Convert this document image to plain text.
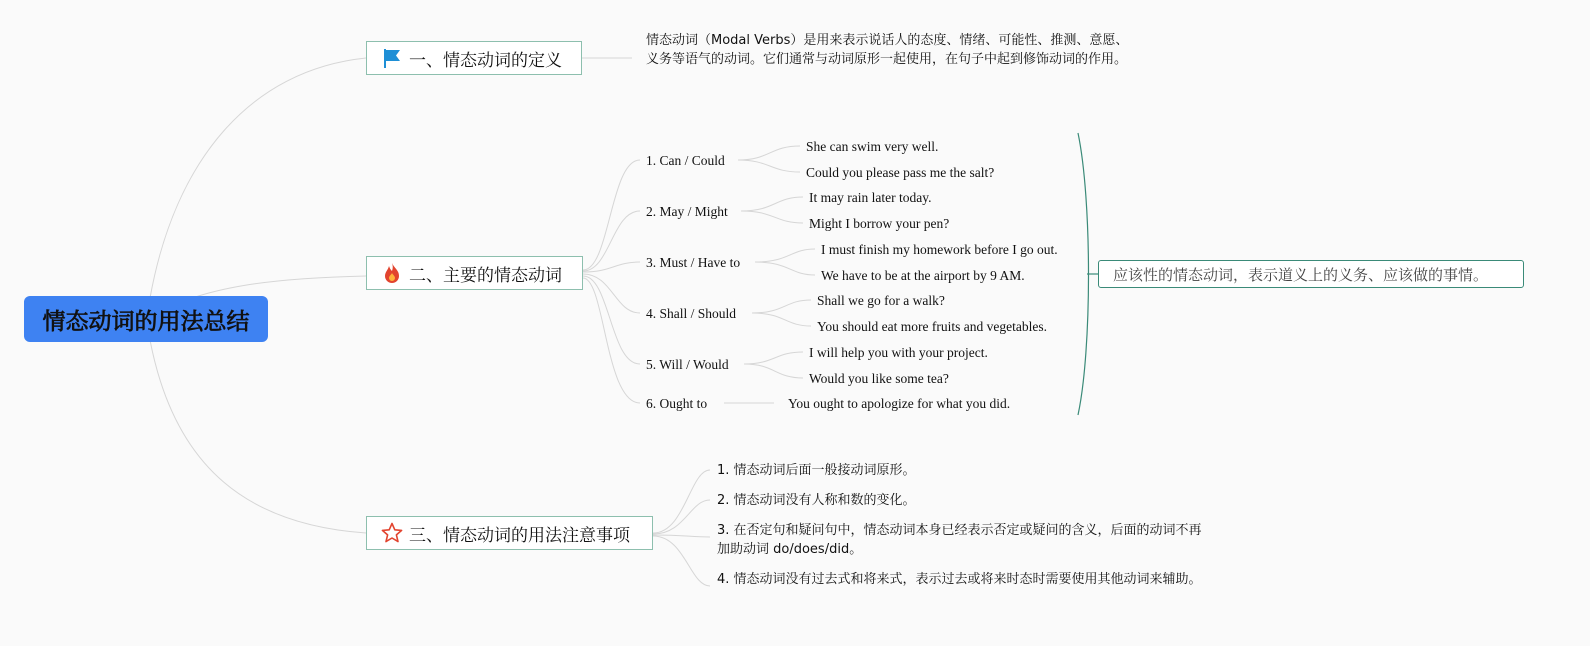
情态动词的用法总结
一、情态动词的定义
情态动词（Modal Verbs）是用来表示说话人的态度、情绪、可能性、推测、意愿、义务等语气的动词。它们通常与动词原形一起使用，在句子中起到修饰动词的作用。
二、主要的情态动词
1. Can / Could
She can swim very well.
Could you please pass me the salt?
2. May / Might
It may rain later today.
Might I borrow your pen?
3. Must / Have to
I must finish my homework before I go out.
We have to be at the airport by 9 AM.
4. Shall / Should
Shall we go for a walk?
You should eat more fruits and vegetables.
5. Will / Would
I will help you with your project.
Would you like some tea?
6. Ought to	You ought to apologize for what you did.
应该性的情态动词，表示道义上的义务、应该做的事情。
三、情态动词的用法注意事项
1. 情态动词后面一般接动词原形。
2. 情态动词没有人称和数的变化。
3. 在否定句和疑问句中，情态动词本身已经表示否定或疑问的含义，后面的动词不再加助动词 do/does/did。
4. 情态动词没有过去式和将来式，表示过去或将来时态时需要使用其他动词来辅助。
